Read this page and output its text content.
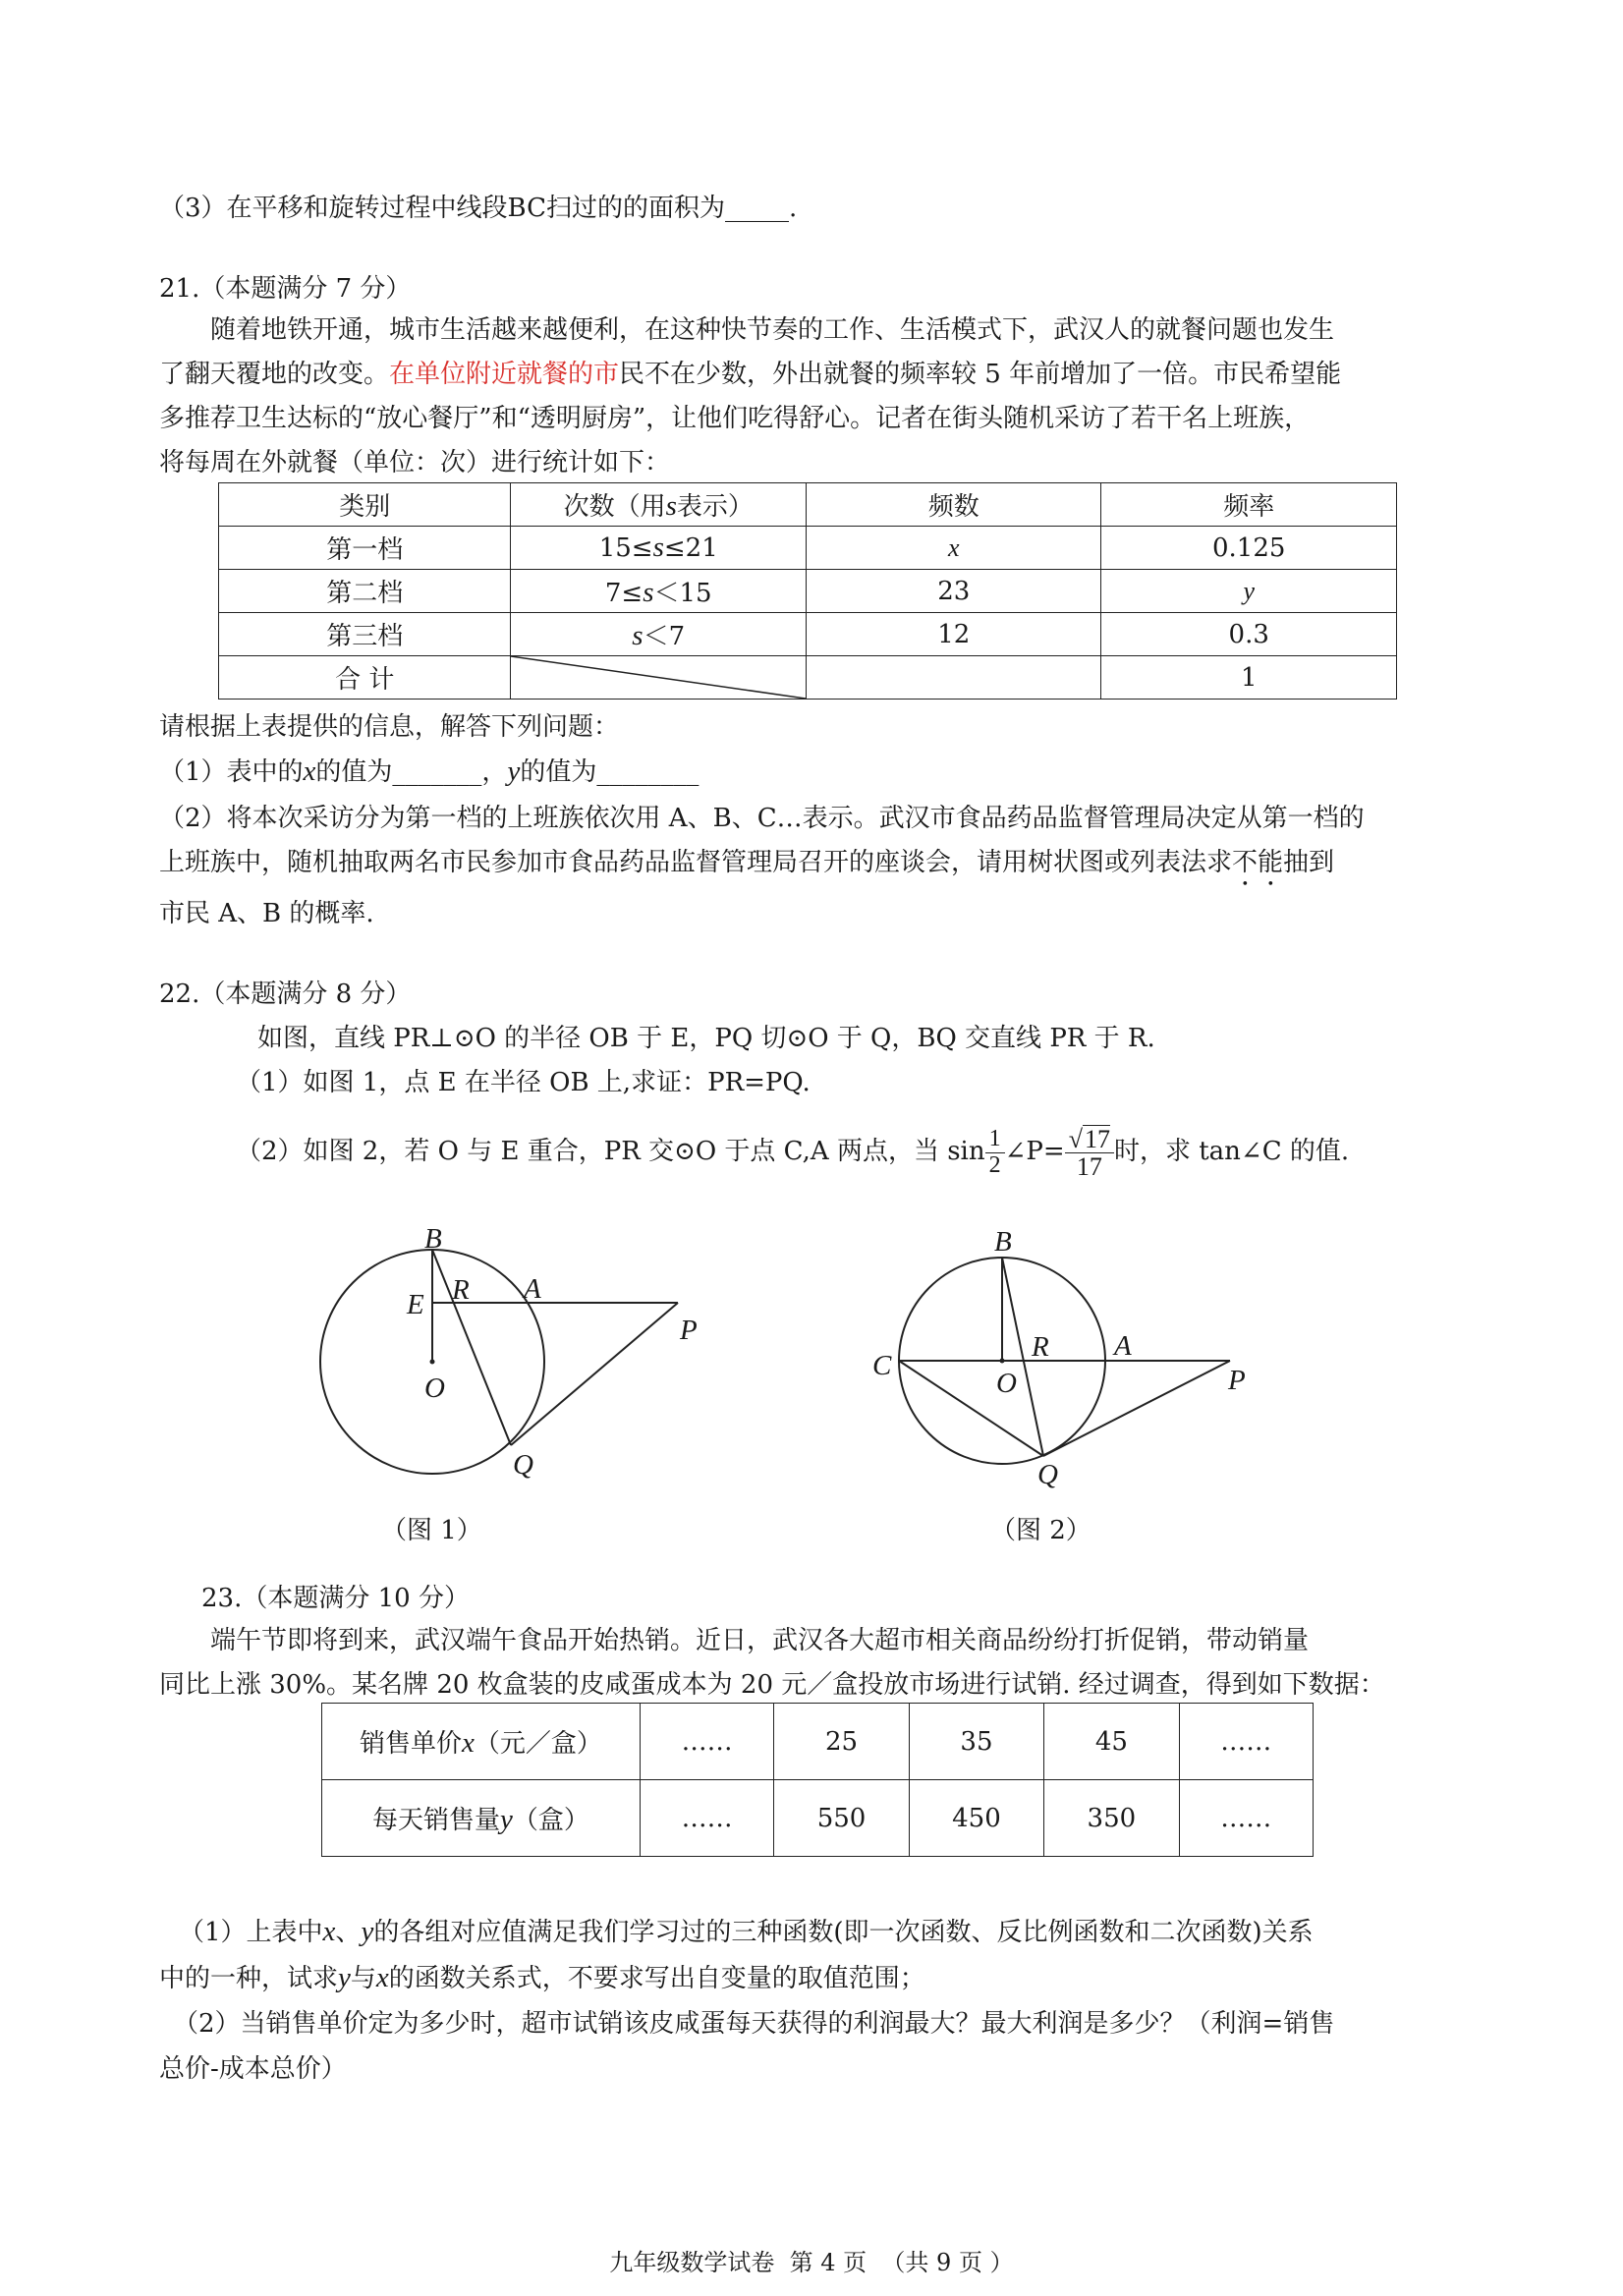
（3）在平移和旋转过程中线段BC扫过的的面积为_____.
21.（本题满分 7 分）
随着地铁开通，城市生活越来越便利，在这种快节奏的工作、生活模式下，武汉人的就餐问题也发生
了翻天覆地的改变。在单位附近就餐的市民不在少数，外出就餐的频率较 5 年前增加了一倍。市民希望能
多推荐卫生达标的“放心餐厅”和“透明厨房”，让他们吃得舒心。记者在街头随机采访了若干名上班族，
将每周在外就餐（单位：次）进行统计如下：
类别	次数（用s表示）	频数	频率
第一档	15≤s≤21	x	0.125
第二档	7≤s＜15	23	y
第三档	s＜7	12	0.3
合 计			1
请根据上表提供的信息，解答下列问题：
（1）表中的x的值为_______，y的值为________
（2）将本次采访分为第一档的上班族依次用 A、B、C…表示。武汉市食品药品监督管理局决定从第一档的
上班族中，随机抽取两名市民参加市食品药品监督管理局召开的座谈会，请用树状图或列表法求不能抽到
市民 A、B 的概率.
22.（本题满分 8 分）
如图，直线 PR⊥⊙O 的半径 OB 于 E，PQ 切⊙O 于 Q，BQ 交直线 PR 于 R.
（1）如图 1，点 E 在半径 OB 上,求证：PR=PQ.
（2）如图 2，若 O 与 E 重合，PR 交⊙O 于点 C,A 两点，当 $\sin \frac{1}{2}$ ∠P= $\frac{√17}{17}$ 时，求 tan∠C 的值.
B
E R A
P
O
Q
（图 1）
B
C
O
R A
P
Q
（图 2）
23.（本题满分 10 分）
端午节即将到来，武汉端午食品开始热销。近日，武汉各大超市相关商品纷纷打折促销，带动销量
同比上涨 30%。某名牌 20 枚盒装的皮咸蛋成本为 20 元／盒投放市场进行试销. 经过调查，得到如下数据：
销售单价x（元／盒）	……	25	35	45	……
每天销售量y（盒）	……	550	450	350	……
（1）上表中x、y的各组对应值满足我们学习过的三种函数(即一次函数、反比例函数和二次函数)关系
中的一种，试求y与x的函数关系式，不要求写出自变量的取值范围；
（2）当销售单价定为多少时，超市试销该皮咸蛋每天获得的利润最大？最大利润是多少？（利润=销售
总价-成本总价）
九年级数学试卷  第 4 页  （共 9 页 ）
